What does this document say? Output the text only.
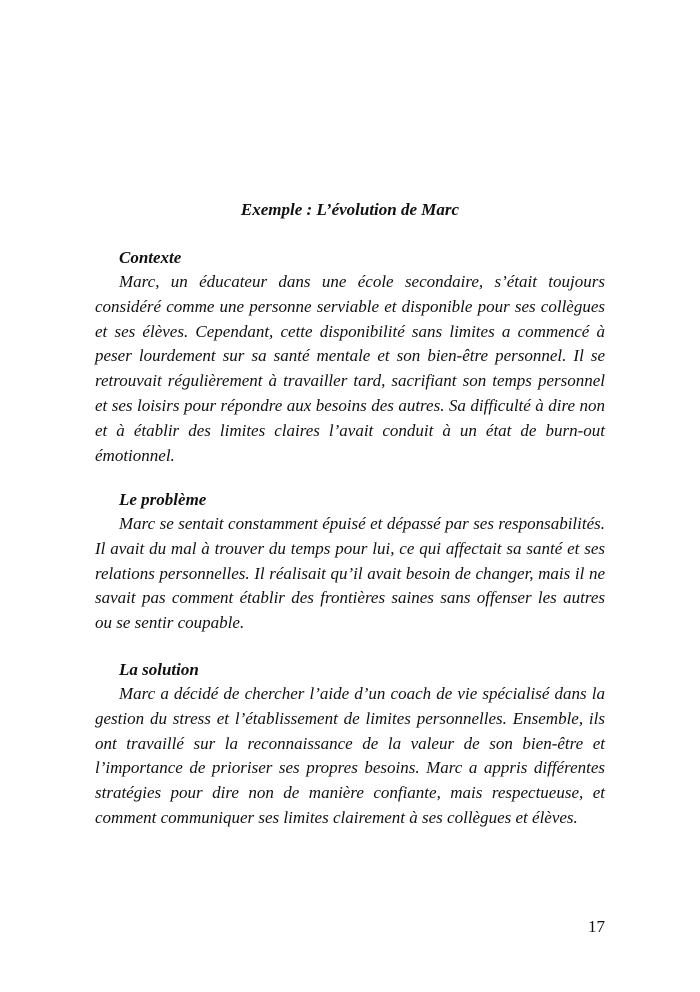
Exemple : L’évolution de Marc
Contexte

Marc, un éducateur dans une école secondaire, s’était toujours considéré comme une personne serviable et disponible pour ses collègues et ses élèves. Cependant, cette disponibilité sans limites a commencé à peser lourdement sur sa santé mentale et son bien-être personnel. Il se retrouvait régulièrement à travailler tard, sacrifiant son temps personnel et ses loisirs pour répondre aux besoins des autres. Sa difficulté à dire non et à établir des limites claires l’avait conduit à un état de burn-out émotionnel.

Le problème

Marc se sentait constamment épuisé et dépassé par ses responsabilités. Il avait du mal à trouver du temps pour lui, ce qui affectait sa santé et ses relations personnelles. Il réalisait qu’il avait besoin de changer, mais il ne savait pas comment établir des frontières saines sans offenser les autres ou se sentir coupable.

La solution

Marc a décidé de chercher l’aide d’un coach de vie spécialisé dans la gestion du stress et l’établissement de limites personnelles. Ensemble, ils ont travaillé sur la reconnaissance de la valeur de son bien-être et l’importance de prioriser ses propres besoins. Marc a appris différentes stratégies pour dire non de manière confiante, mais respectueuse, et comment communiquer ses limites clairement à ses collègues et élèves.

17
